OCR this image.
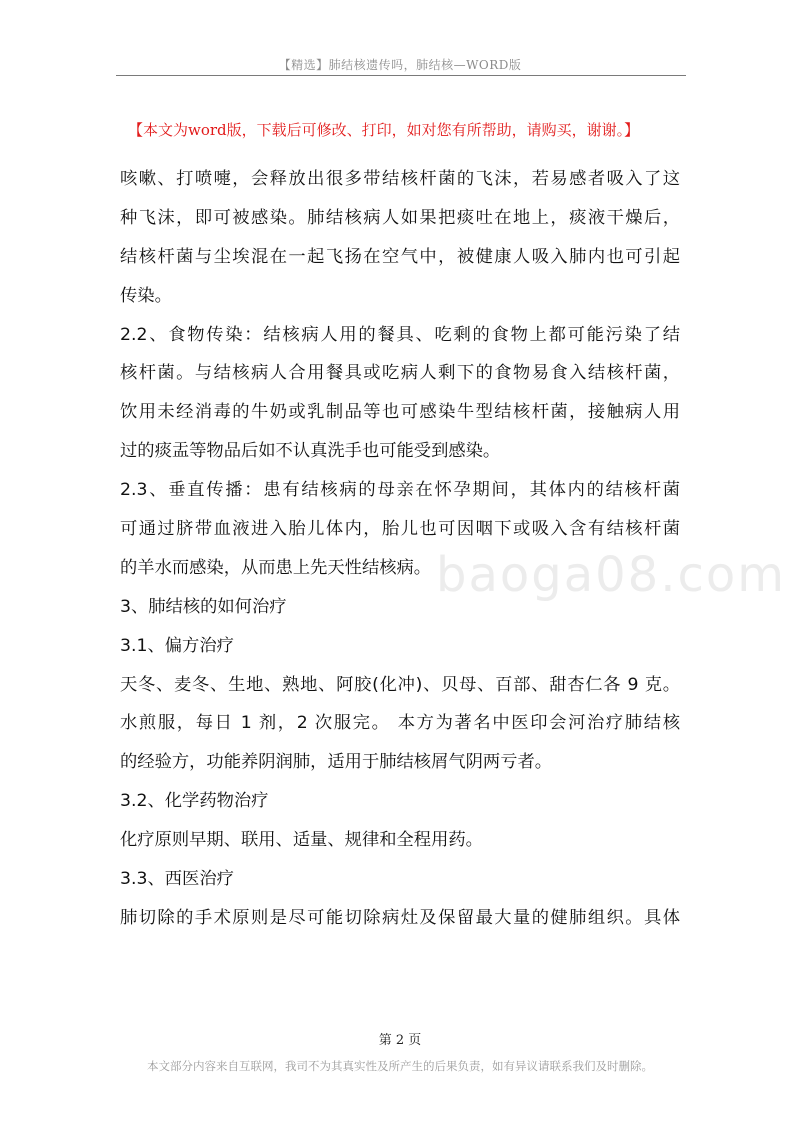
【精选】肺结核遗传吗，肺结核—WORD版
【本文为word版，下载后可修改、打印，如对您有所帮助，请购买，谢谢。】
baoga08.com
咳嗽、打喷嚏，会释放出很多带结核杆菌的飞沫，若易感者吸入了这
种飞沫，即可被感染。肺结核病人如果把痰吐在地上，痰液干燥后，
结核杆菌与尘埃混在一起飞扬在空气中，被健康人吸入肺内也可引起
传染。
2.2、食物传染：结核病人用的餐具、吃剩的食物上都可能污染了结
核杆菌。与结核病人合用餐具或吃病人剩下的食物易食入结核杆菌，
饮用未经消毒的牛奶或乳制品等也可感染牛型结核杆菌，接触病人用
过的痰盂等物品后如不认真洗手也可能受到感染。
2.3、垂直传播：患有结核病的母亲在怀孕期间，其体内的结核杆菌
可通过脐带血液进入胎儿体内，胎儿也可因咽下或吸入含有结核杆菌
的羊水而感染，从而患上先天性结核病。
3、肺结核的如何治疗
3.1、偏方治疗
天冬、麦冬、生地、熟地、阿胶(化冲)、贝母、百部、甜杏仁各 9 克。
水煎服，每日 1 剂，2 次服完。 本方为著名中医印会河治疗肺结核
的经验方，功能养阴润肺，适用于肺结核屑气阴两亏者。
3.2、化学药物治疗
化疗原则早期、联用、适量、规律和全程用药。
3.3、西医治疗
肺切除的手术原则是尽可能切除病灶及保留最大量的健肺组织。具体
第 2 页
本文部分内容来自互联网，我司不为其真实性及所产生的后果负责，如有异议请联系我们及时删除。
